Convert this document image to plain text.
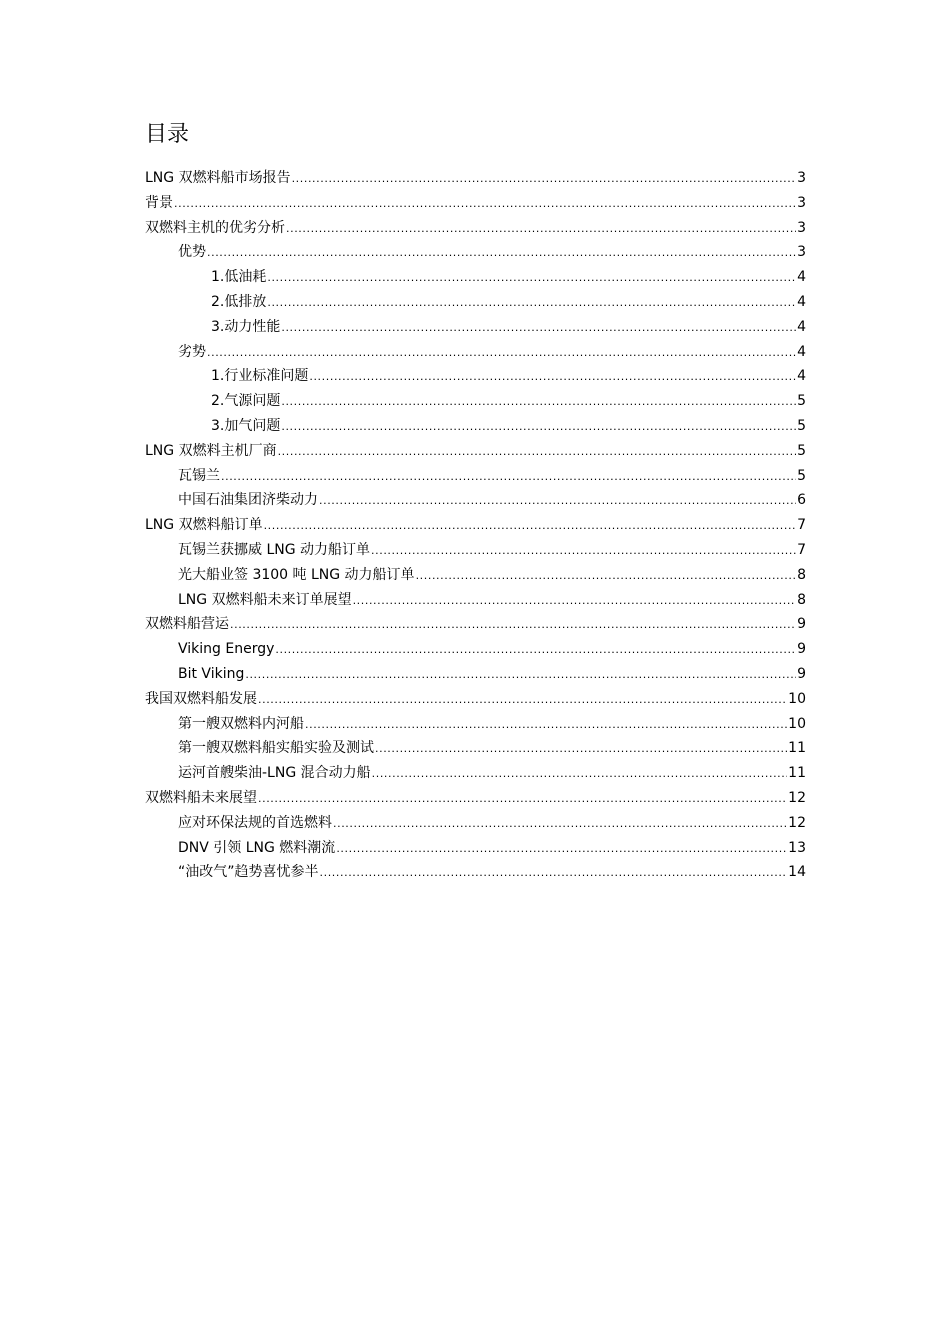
目录
LNG 双燃料船市场报告 .....	3
背景 .....	3
双燃料主机的优劣分析 .....	3
优势 .....	3
1.低油耗 .....	4
2.低排放 .....	4
3.动力性能 .....	4
劣势 .....	4
1.行业标准问题 .....	4
2.气源问题 .....	5
3.加气问题 .....	5
LNG 双燃料主机厂商 .....	5
瓦锡兰 .....	5
中国石油集团济柴动力 .....	6
LNG 双燃料船订单 .....	7
瓦锡兰获挪威 LNG 动力船订单 .....	7
光大船业签 3100 吨 LNG 动力船订单 .....	8
LNG 双燃料船未来订单展望 .....	8
双燃料船营运 .....	9
Viking Energy .....	9
Bit Viking .....	9
我国双燃料船发展 .....	10
第一艘双燃料内河船 .....	10
第一艘双燃料船实船实验及测试 .....	11
运河首艘柴油-LNG 混合动力船 .....	11
双燃料船未来展望 .....	12
应对环保法规的首选燃料 .....	12
DNV 引领 LNG 燃料潮流 .....	13
“油改气”趋势喜忧参半 .....	14
